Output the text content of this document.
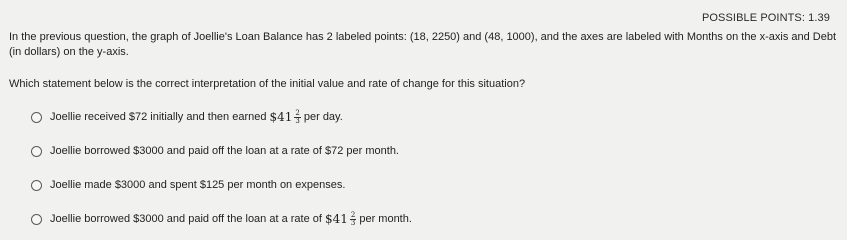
POSSIBLE POINTS: 1.39
In the previous question, the graph of Joellie's Loan Balance has 2 labeled points: (18, 2250) and (48, 1000), and the axes are labeled with Months on the x-axis and Debt (in dollars) on the y-axis.
Which statement below is the correct interpretation of the initial value and rate of change for this situation?
Joellie received $72 initially and then earned $41 $\frac{2}{3}$ per day.
Joellie borrowed $3000 and paid off the loan at a rate of $72 per month.
Joellie made $3000 and spent $125 per month on expenses.
Joellie borrowed $3000 and paid off the loan at a rate of $41 $\frac{2}{3}$ per month.
